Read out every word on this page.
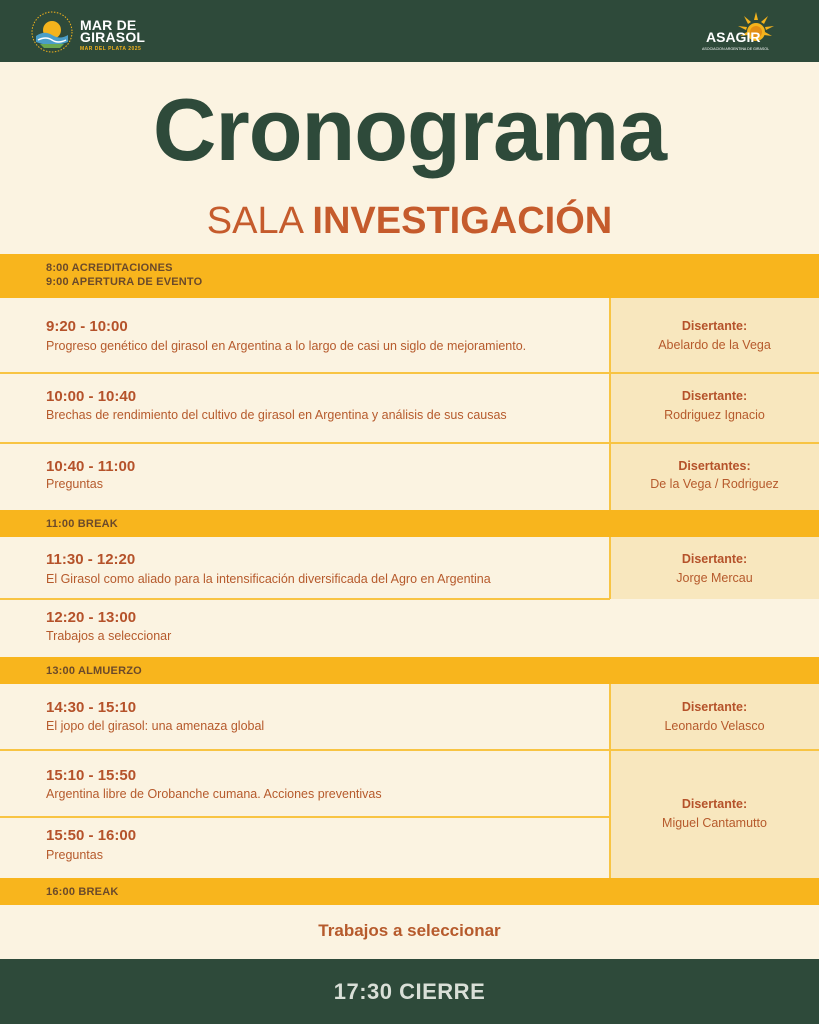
MAR DE
GIRASOL
MAR DEL PLATA 2025
ASAGIR
ASOCIACION ARGENTINA DE GIRASOL
Cronograma
SALA INVESTIGACIÓN
8:00 ACREDITACIONES
9:00 APERTURA DE EVENTO
9:20 - 10:00
Progreso genético del girasol en Argentina a lo largo de casi un siglo de mejoramiento.
Disertante:
Abelardo de la Vega
10:00 - 10:40
Brechas de rendimiento del cultivo de girasol en Argentina y análisis de sus causas
Disertante:
Rodriguez Ignacio
10:40 - 11:00
Preguntas
Disertantes:
De la Vega / Rodriguez
11:00 BREAK
11:30 - 12:20
El Girasol como aliado para la intensificación diversificada del Agro en Argentina
Disertante:
Jorge Mercau
12:20 - 13:00
Trabajos a seleccionar
13:00 ALMUERZO
14:30 - 15:10
El jopo del girasol: una amenaza global
Disertante:
Leonardo Velasco
15:10 - 15:50
Argentina libre de Orobanche cumana. Acciones preventivas
Disertante:
Miguel Cantamutto
15:50 - 16:00
Preguntas
16:00 BREAK
Trabajos a seleccionar
17:30 CIERRE
